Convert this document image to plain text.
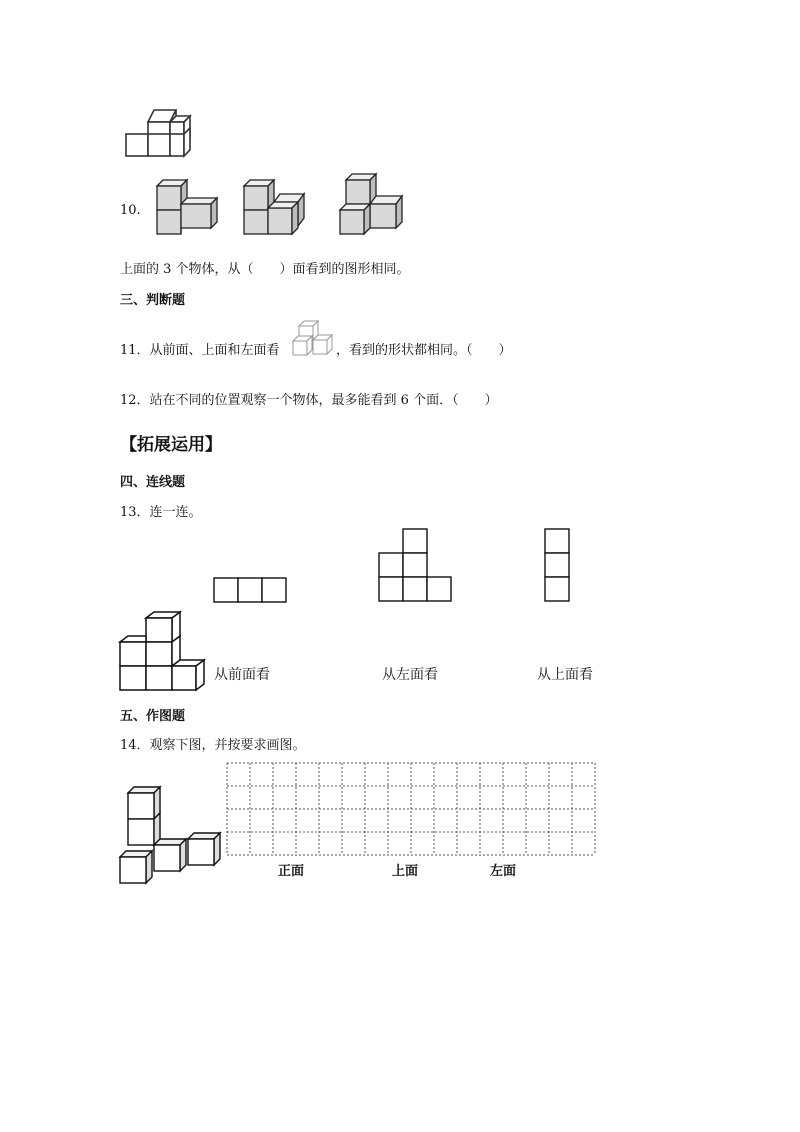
10.
上面的 3 个物体，从（　　）面看到的图形相同。
三、判断题
11．从前面、上面和左面看	，看到的形状都相同。（　　）
12．站在不同的位置观察一个物体，最多能看到 6 个面．（　　）
【拓展运用】
四、连线题
13．连一连。
从前面看	从左面看	从上面看
五、作图题
14．观察下图，并按要求画图。
正面	上面	左面
